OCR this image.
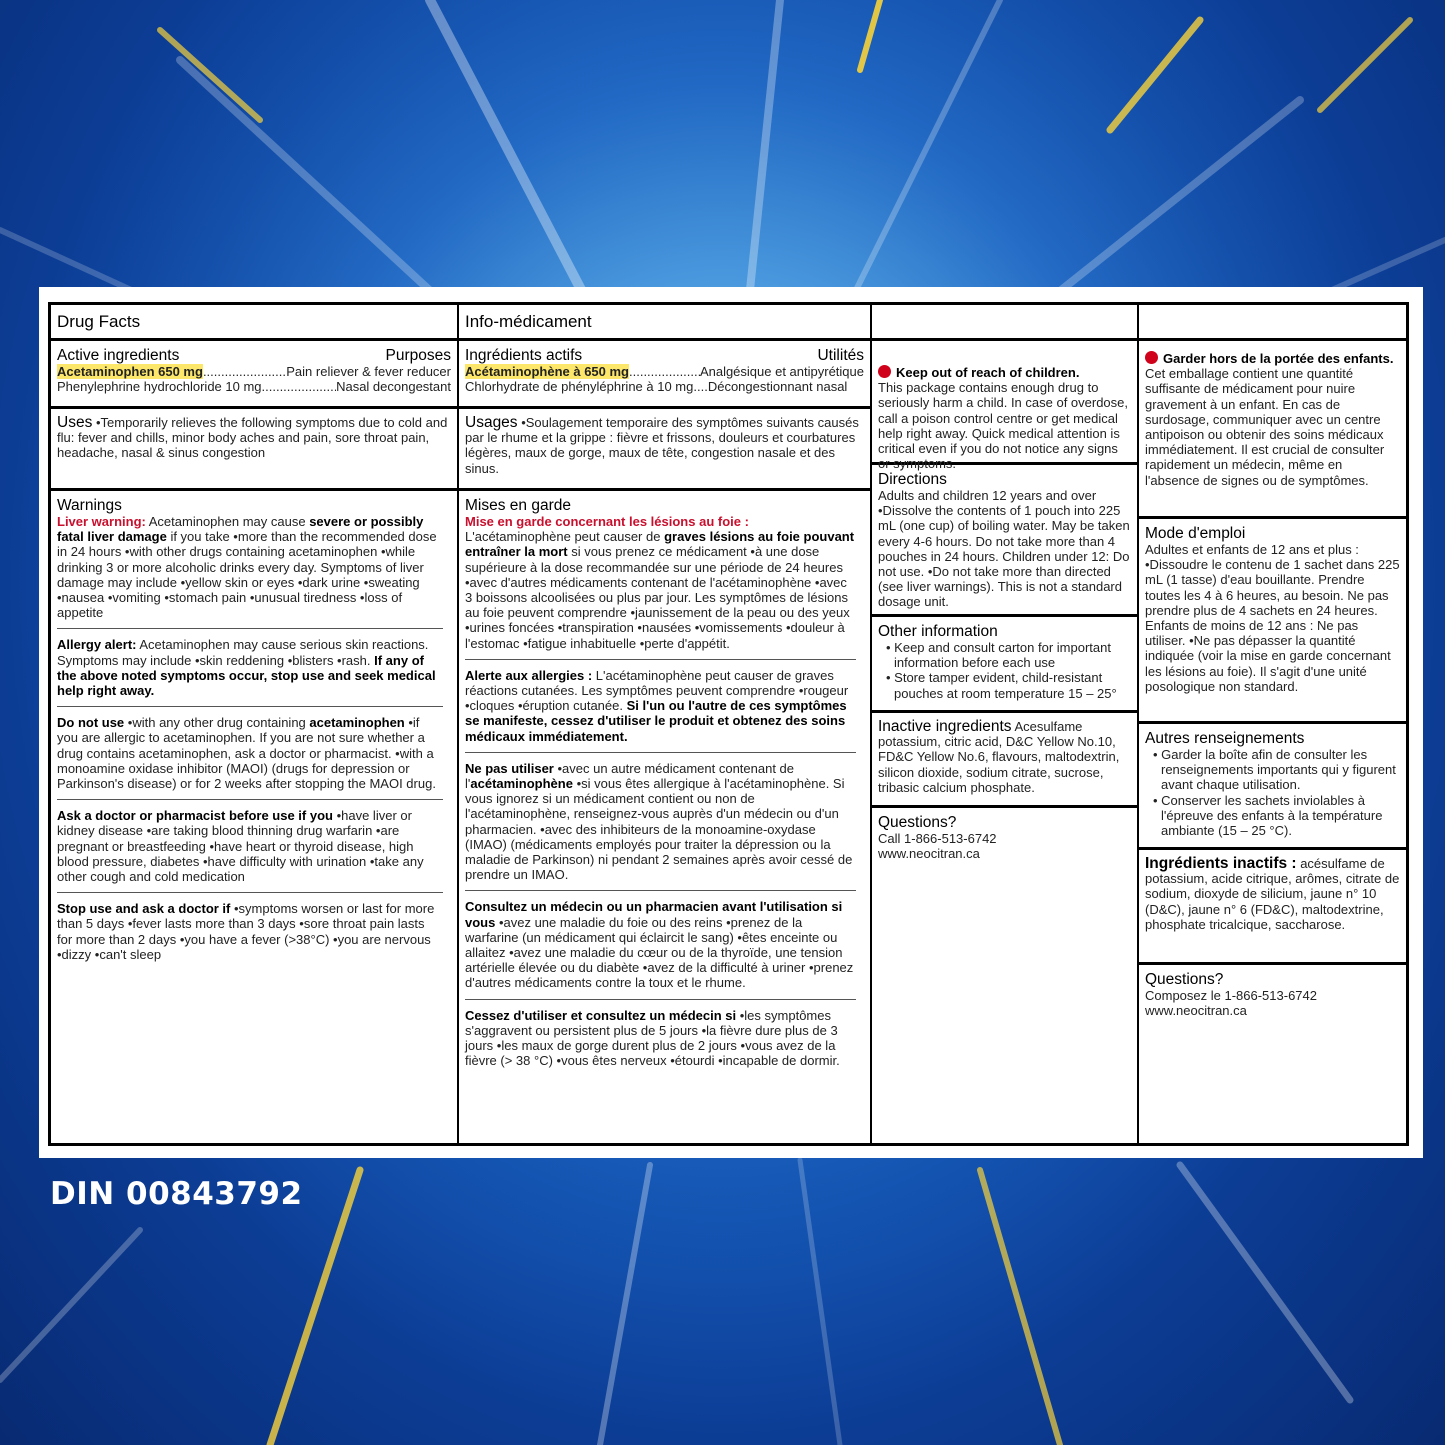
Drug Facts
Active ingredients	Purposes
Acetaminophen 650 mg .....	Pain reliever & fever reducer
Phenylephrine hydrochloride 10 mg .....	Nasal decongestant
Uses •Temporarily relieves the following symptoms due to cold and flu: fever and chills, minor body aches and pain, sore throat pain, headache, nasal & sinus congestion
Warnings
Liver warning: Acetaminophen may cause severe or possibly fatal liver damage if you take •more than the recommended dose in 24 hours •with other drugs containing acetaminophen •while drinking 3 or more alcoholic drinks every day. Symptoms of liver damage may include •yellow skin or eyes •dark urine •sweating •nausea •vomiting •stomach pain •unusual tiredness •loss of appetite
Allergy alert: Acetaminophen may cause serious skin reactions. Symptoms may include •skin reddening •blisters •rash. If any of the above noted symptoms occur, stop use and seek medical help right away.
Do not use •with any other drug containing acetaminophen •if you are allergic to acetaminophen. If you are not sure whether a drug contains acetaminophen, ask a doctor or pharmacist. •with a monoamine oxidase inhibitor (MAOI) (drugs for depression or Parkinson's disease) or for 2 weeks after stopping the MAOI drug.
Ask a doctor or pharmacist before use if you •have liver or kidney disease •are taking blood thinning drug warfarin •are pregnant or breastfeeding •have heart or thyroid disease, high blood pressure, diabetes •have difficulty with urination •take any other cough and cold medication
Stop use and ask a doctor if •symptoms worsen or last for more than 5 days •fever lasts more than 3 days •sore throat pain lasts for more than 2 days •you have a fever (>38°C) •you are nervous •dizzy •can't sleep
Info-médicament
Ingrédients actifs	Utilités
Acétaminophène à 650 mg .....	Analgésique et antipyrétique
Chlorhydrate de phényléphrine à 10 mg....Décongestionnant nasal
Usages •Soulagement temporaire des symptômes suivants causés par le rhume et la grippe : fièvre et frissons, douleurs et courbatures légères, maux de gorge, maux de tête, congestion nasale et des sinus.
Mises en garde
Mise en garde concernant les lésions au foie :
L'acétaminophène peut causer de graves lésions au foie pouvant entraîner la mort si vous prenez ce médicament •à une dose supérieure à la dose recommandée sur une période de 24 heures •avec d'autres médicaments contenant de l'acétaminophène •avec 3 boissons alcoolisées ou plus par jour. Les symptômes de lésions au foie peuvent comprendre •jaunissement de la peau ou des yeux •urines foncées •transpiration •nausées •vomissements •douleur à l'estomac •fatigue inhabituelle •perte d'appétit.
Alerte aux allergies : L'acétaminophène peut causer de graves réactions cutanées. Les symptômes peuvent comprendre •rougeur •cloques •éruption cutanée. Si l'un ou l'autre de ces symptômes se manifeste, cessez d'utiliser le produit et obtenez des soins médicaux immédiatement.
Ne pas utiliser •avec un autre médicament contenant de l'acétaminophène •si vous êtes allergique à l'acétaminophène. Si vous ignorez si un médicament contient ou non de l'acétaminophène, renseignez-vous auprès d'un médecin ou d'un pharmacien. •avec des inhibiteurs de la monoamine-oxydase (IMAO) (médicaments employés pour traiter la dépression ou la maladie de Parkinson) ni pendant 2 semaines après avoir cessé de prendre un IMAO.
Consultez un médecin ou un pharmacien avant l'utilisation si vous •avez une maladie du foie ou des reins •prenez de la warfarine (un médicament qui éclaircit le sang) •êtes enceinte ou allaitez •avez une maladie du cœur ou de la thyroïde, une tension artérielle élevée ou du diabète •avez de la difficulté à uriner •prenez d'autres médicaments contre la toux et le rhume.
Cessez d'utiliser et consultez un médecin si •les symptômes s'aggravent ou persistent plus de 5 jours •la fièvre dure plus de 3 jours •les maux de gorge durent plus de 2 jours •vous avez de la fièvre (> 38 °C) •vous êtes nerveux •étourdi •incapable de dormir.
Keep out of reach of children.
This package contains enough drug to seriously harm a child. In case of overdose, call a poison control centre or get medical help right away. Quick medical attention is critical even if you do not notice any signs or symptoms.
Directions
Adults and children 12 years and over •Dissolve the contents of 1 pouch into 225 mL (one cup) of boiling water. May be taken every 4-6 hours. Do not take more than 4 pouches in 24 hours. Children under 12: Do not use. •Do not take more than directed (see liver warnings). This is not a standard dosage unit.
Other information
• Keep and consult carton for important information before each use
• Store tamper evident, child-resistant pouches at room temperature 15 – 25°
Inactive ingredients Acesulfame potassium, citric acid, D&C Yellow No.10, FD&C Yellow No.6, flavours, maltodextrin, silicon dioxide, sodium citrate, sucrose, tribasic calcium phosphate.
Questions?
Call 1-866-513-6742
www.neocitran.ca
Garder hors de la portée des enfants. Cet emballage contient une quantité suffisante de médicament pour nuire gravement à un enfant. En cas de surdosage, communiquer avec un centre antipoison ou obtenir des soins médicaux immédiatement. Il est crucial de consulter rapidement un médecin, même en l'absence de signes ou de symptômes.
Mode d'emploi
Adultes et enfants de 12 ans et plus : •Dissoudre le contenu de 1 sachet dans 225 mL (1 tasse) d'eau bouillante. Prendre toutes les 4 à 6 heures, au besoin. Ne pas prendre plus de 4 sachets en 24 heures. Enfants de moins de 12 ans : Ne pas utiliser. •Ne pas dépasser la quantité indiquée (voir la mise en garde concernant les lésions au foie). Il s'agit d'une unité posologique non standard.
Autres renseignements
• Garder la boîte afin de consulter les renseignements importants qui y figurent avant chaque utilisation.
• Conserver les sachets inviolables à l'épreuve des enfants à la température ambiante (15 – 25 °C).
Ingrédients inactifs : acésulfame de potassium, acide citrique, arômes, citrate de sodium, dioxyde de silicium, jaune n° 10 (D&C), jaune n° 6 (FD&C), maltodextrine, phosphate tricalcique, saccharose.
Questions?
Composez le 1-866-513-6742
www.neocitran.ca
DIN 00843792
